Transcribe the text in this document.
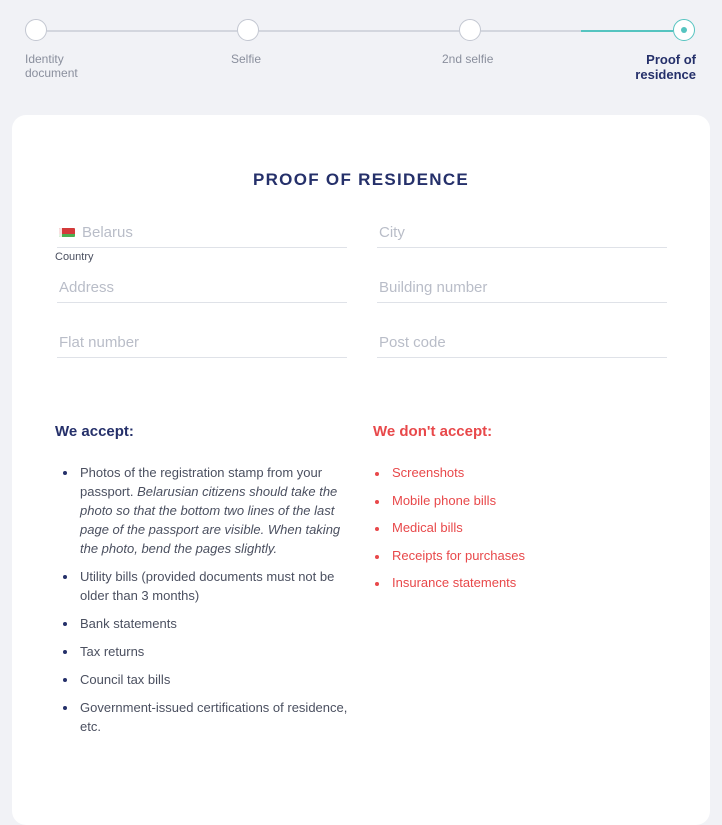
Identity document
Selfie	2nd selfie	Proof of residence
PROOF OF RESIDENCE
Belarus
Country
City
Address	Building number
Flat number	Post code
We accept:
Photos of the registration stamp from your passport. Belarusian citizens should take the photo so that the bottom two lines of the last page of the passport are visible. When taking the photo, bend the pages slightly.
Utility bills (provided documents must not be older than 3 months)
Bank statements
Tax returns
Council tax bills
Government-issued certifications of residence, etc.
We don't accept:
Screenshots
Mobile phone bills
Medical bills
Receipts for purchases
Insurance statements
